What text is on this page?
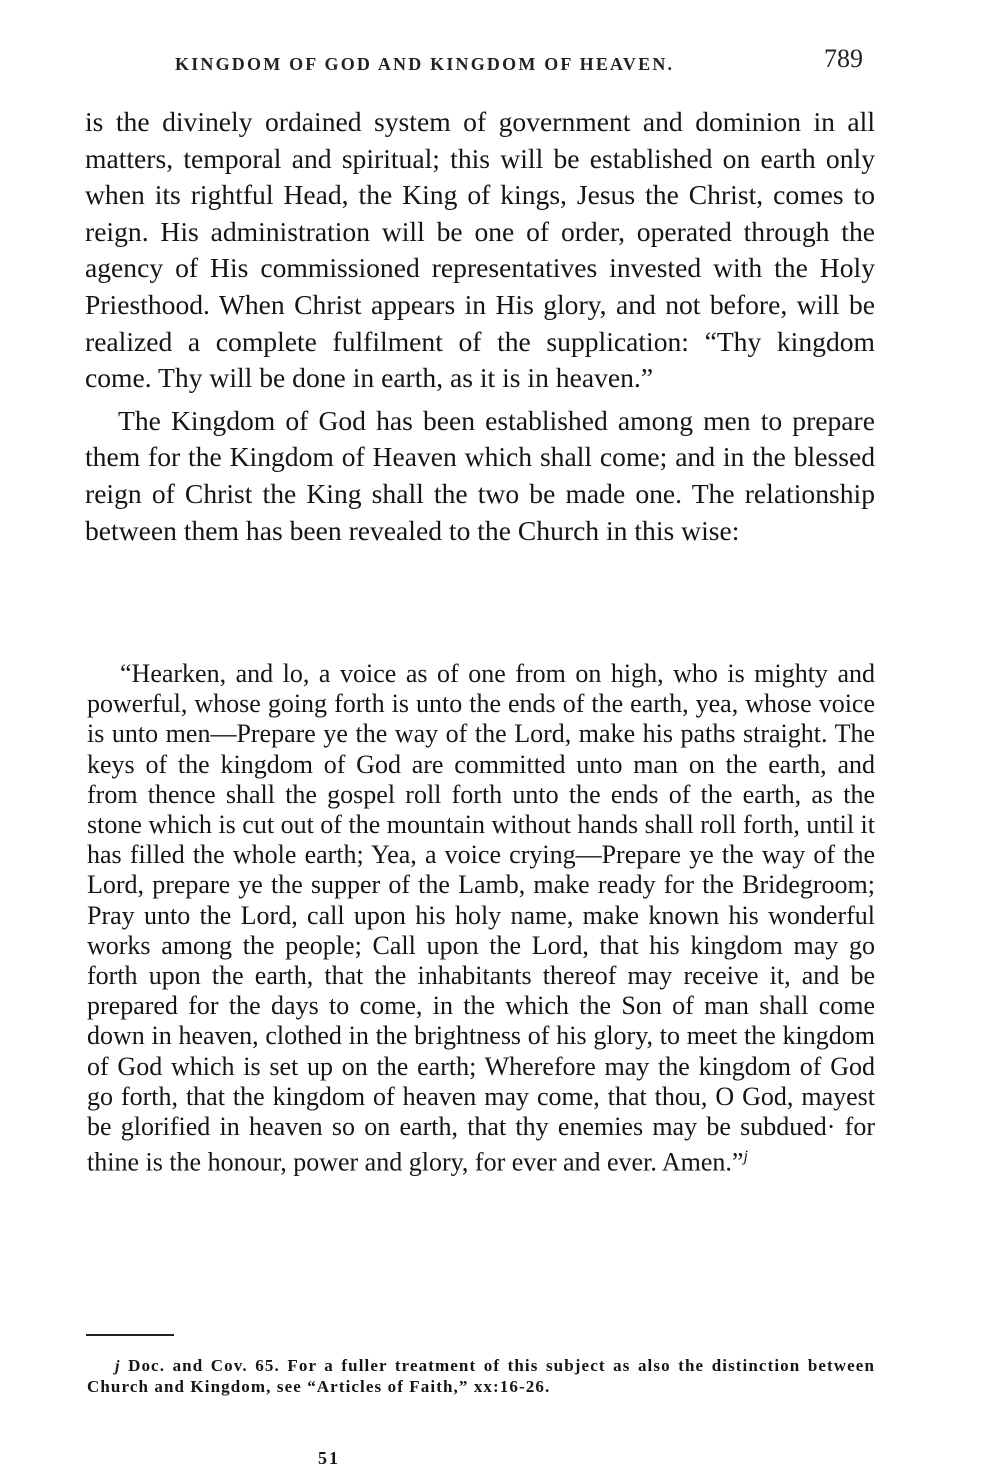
KINGDOM OF GOD AND KINGDOM OF HEAVEN.	789

is the divinely ordained system of government and dominion in all matters, temporal and spiritual; this will be established on earth only when its rightful Head, the King of kings, Jesus the Christ, comes to reign. His administration will be one of order, operated through the agency of His commissioned representatives invested with the Holy Priesthood. When Christ appears in His glory, and not before, will be realized a complete fulfilment of the supplication: “Thy kingdom come. Thy will be done in earth, as it is in heaven.”

The Kingdom of God has been established among men to prepare them for the Kingdom of Heaven which shall come; and in the blessed reign of Christ the King shall the two be made one. The relationship between them has been revealed to the Church in this wise:

“Hearken, and lo, a voice as of one from on high, who is mighty and powerful, whose going forth is unto the ends of the earth, yea, whose voice is unto men—Prepare ye the way of the Lord, make his paths straight. The keys of the kingdom of God are committed unto man on the earth, and from thence shall the gospel roll forth unto the ends of the earth, as the stone which is cut out of the mountain without hands shall roll forth, until it has filled the whole earth; Yea, a voice crying—Prepare ye the way of the Lord, prepare ye the supper of the Lamb, make ready for the Bridegroom; Pray unto the Lord, call upon his holy name, make known his wonderful works among the people; Call upon the Lord, that his kingdom may go forth upon the earth, that the inhabitants thereof may receive it, and be prepared for the days to come, in the which the Son of man shall come down in heaven, clothed in the brightness of his glory, to meet the kingdom of God which is set up on the earth; Wherefore may the kingdom of God go forth, that the kingdom of heaven may come, that thou, O God, mayest be glorified in heaven so on earth, that thy enemies may be subdued· for thine is the honour, power and glory, for ever and ever. Amen.”$^j$
j Doc. and Cov. 65. For a fuller treatment of this subject as also the distinction between Church and Kingdom, see “Articles of Faith,” xx:16-26.
51
